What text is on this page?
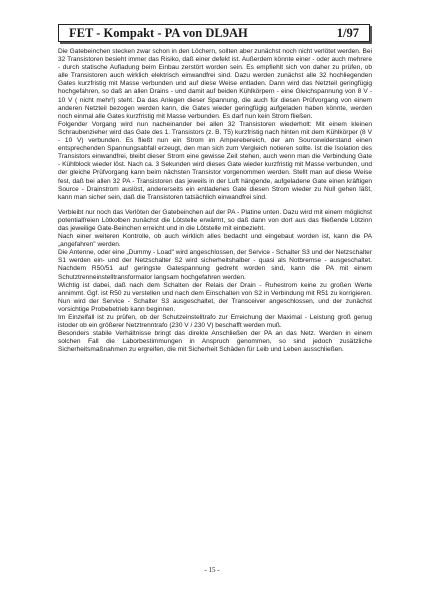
FET - Kompakt - PA von DL9AH	1/97

Die Gatebeinchen stecken zwar schon in den Löchern, sollten aber zunächst noch nicht verlötet werden. Bei 32 Transistoren besieht immer das Risiko, daß einer defekt ist. Außerdem könnte einer - oder auch mehrere - durch statische Aufladung beim Einbau zerstört worden sein. Es empfiehlt sich von daher zu prüfen, ob alle Transistoren auch wirklich elektrisch einwandfrei sind. Dazu werden zunächst alle 32 hochliegenden Gates kurzfristig mit Masse verbunden und auf diese Weise entladen. Dann wird das Netzteil geringfügig hochgefahren, so daß an allen Drains - und damit auf beiden Kühlkörpern - eine Gleichspannung von 8 V - 10 V ( nicht mehr!) steht. Da das Anlegen dieser Spannung, die auch für diesen Prüfvorgang von einem anderen Netzteil bezogen werden kann, die Gates wieder geringfügig aufgeladen haben könnte, werden noch einmal alle Gates kurzfristig mit Masse verbunden. Es darf nun kein Strom fließen.

Folgender Vorgang wird nun nacheinander bei allen 32 Transistoren wiederholt: Mit einem kleinen Schraubenzieher wird das Gate des 1. Transistors (z. B. T5) kurzfristig nach hinten mit dem Kühlkörper (8 V - 10 V) verbunden. Es fließt nun ein Strom im Amperebereich, der am Sourcewiderstand einen entsprechenden Spannungsabfall erzeugt, den man sich zum Vergleich notieren sollte. Ist die Isolation des Transistors einwandfrei, bleibt dieser Strom eine gewisse Zeit stehen, auch wenn man die Verbindung Gate - Kühlblock wieder löst. Nach ca. 3 Sekunden wird dieses Gate wieder kurzfristig mit Masse verbunden, und der gleiche Prüfvorgang kann beim nächsten Transistor vorgenommen werden. Stellt man auf diese Weise fest, daß bei allen 32 PA - Transistoren das jeweils in der Luft hängende, aufgeladene Gate einen kräftigen Source - Drainstrom auslöst, andererseits ein entladenes Gate diesen Strom wieder zu Null gehen läßt, kann man sicher sein, daß die Transistoren tatsächlich einwandfrei sind.

Verbleibt nur noch das Verlöten der Gatebeinchen auf der PA - Platine unten. Dazu wird mit einem möglichst potentialfreien Lötkolben zunächst die Lötstelle erwärmt, so daß dann von dort aus das fließende Lötzinn das jeweilige Gate-Beinchen erreicht und in die Lötstelle mit einbezieht.

Nach einer weiteren Kontrolle, ob auch wirklich alles bedacht und eingebaut worden ist, kann die PA „angefahren" werden.

Die Antenne, oder eine „Dummy - Load" wird angeschlossen, der Service - Schalter S3 und der Netzschalter S1 werden ein- und der Netzschalter S2 wird sicherheitshalber - quasi als Notbremse - ausgeschaltet. Nachdem R50/51 auf geringste Gatespannung gedreht worden sind, kann die PA mit einem Schutztrenneinstelltransformator langsam hochgefahren werden.

Wichtig ist dabei, daß nach dem Schalten der Relais der Drain - Ruhestrom keine zu großen Werte annimmt. Ggf. ist R50 zu verstellen und nach dem Einschalten von S2 in Verbindung mit R51 zu korrigieren. Nun wird der Service - Schalter S3 ausgeschaltet, der Transceiver angeschlossen, und der zunächst vorsichtige Probebetrieb kann beginnen.

Im Einzelfall ist zu prüfen, ob der Schutzeinstelltrafo zur Erreichung der Maximal - Leistung groß genug istoder ob ein größerer Netztrenntrafo (230 V / 230 V) beschafft werden muß.

Besonders stabile Verhältnisse bringt das direkte Anschließen der PA an das Netz. Werden in einem solchen Fall die Laborbestimmungen in Anspruch genommen, so sind jedoch zusätzliche Sicherheitsmaßnahmen zu ergreifen, die mit Sicherheit Schäden für Leib und Leben ausschließen.

- 15 -
